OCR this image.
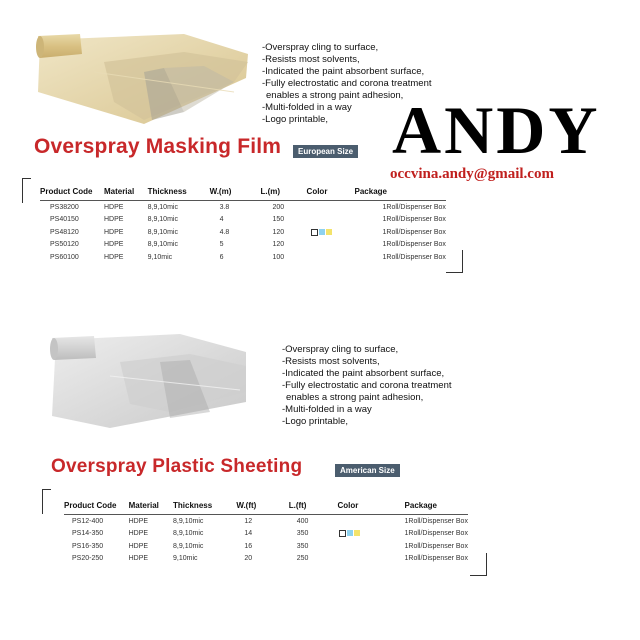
-Overspray cling to surface,
-Resists most solvents,
-Indicated the paint absorbent surface,
-Fully electrostatic and corona treatment
enables a strong paint adhesion,
-Multi-folded in a way
-Logo printable, ANDY
occvina.andy@gmail.com
Overspray Masking Film	European Size
Product Code	Material	Thickness	W.(m)	L.(m)	Color	Package
PS38200	HDPE	8,9,10mic	3.8	200		1Roll/Dispenser Box
PS40150	HDPE	8,9,10mic	4	150		1Roll/Dispenser Box
PS48120	HDPE	8,9,10mic	4.8	120		1Roll/Dispenser Box
PS50120	HDPE	8,9,10mic	5	120		1Roll/Dispenser Box
PS60100	HDPE	9,10mic	6	100		1Roll/Dispenser Box
-Overspray cling to surface,
-Resists most solvents,
-Indicated the paint absorbent surface,
-Fully electrostatic and corona treatment
enables a strong paint adhesion,
-Multi-folded in a way
-Logo printable,
Overspray Plastic Sheeting	American Size
Product Code	Material	Thickness	W.(ft)	L.(ft)	Color	Package
PS12-400	HDPE	8,9,10mic	12	400		1Roll/Dispenser Box
PS14-350	HDPE	8,9,10mic	14	350		1Roll/Dispenser Box
PS16-350	HDPE	8,9,10mic	16	350		1Roll/Dispenser Box
PS20-250	HDPE	9,10mic	20	250		1Roll/Dispenser Box
